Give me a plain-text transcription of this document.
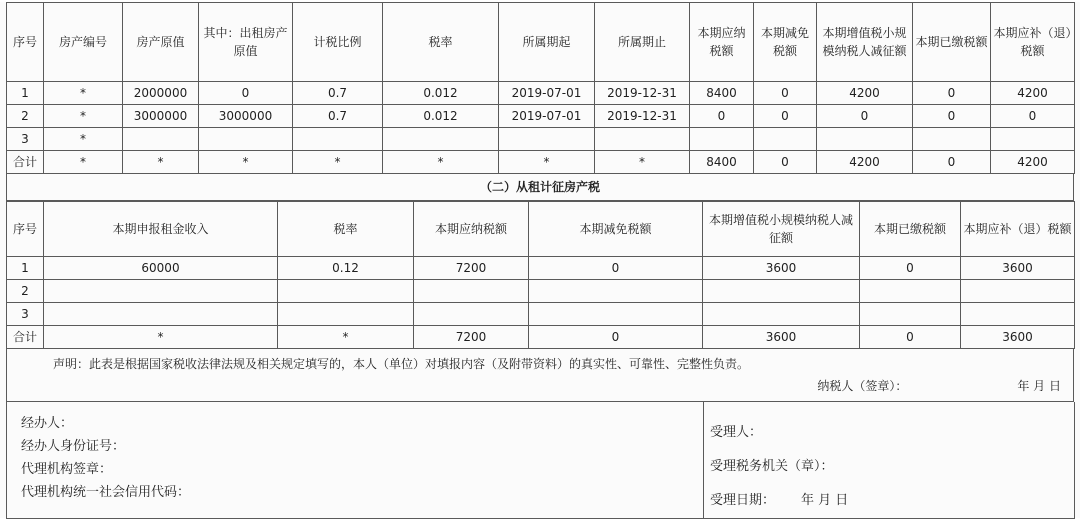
序号	房产编号	房产原值	其中：出租房产原值	计税比例	税率	所属期起	所属期止	本期应纳税额	本期减免税额	本期增值税小规模纳税人减征额	本期已缴税额	本期应补（退）税额
1	*	2000000	0	0.7	0.012	2019-07-01	2019-12-31	8400	0	4200	0	4200
2	*	3000000	3000000	0.7	0.012	2019-07-01	2019-12-31	0	0	0	0	0
3	*											
合计	*	*	*	*	*	*	*	8400	0	4200	0	4200
（二）从租计征房产税
序号	本期申报租金收入	税率	本期应纳税额	本期减免税额	本期增值税小规模纳税人减征额	本期已缴税额	本期应补（退）税额
1	60000	0.12	7200	0	3600	0	3600
2							
3							
合计	*	*	7200	0	3600	0	3600
声明：此表是根据国家税收法律法规及相关规定填写的，本人（单位）对填报内容（及附带资料）的真实性、可靠性、完整性负责。
纳税人（签章）：	年 月 日
经办人：
经办人身份证号：
代理机构签章：
代理机构统一社会信用代码：

受理人：
受理税务机关（章）：
受理日期： 年 月 日
